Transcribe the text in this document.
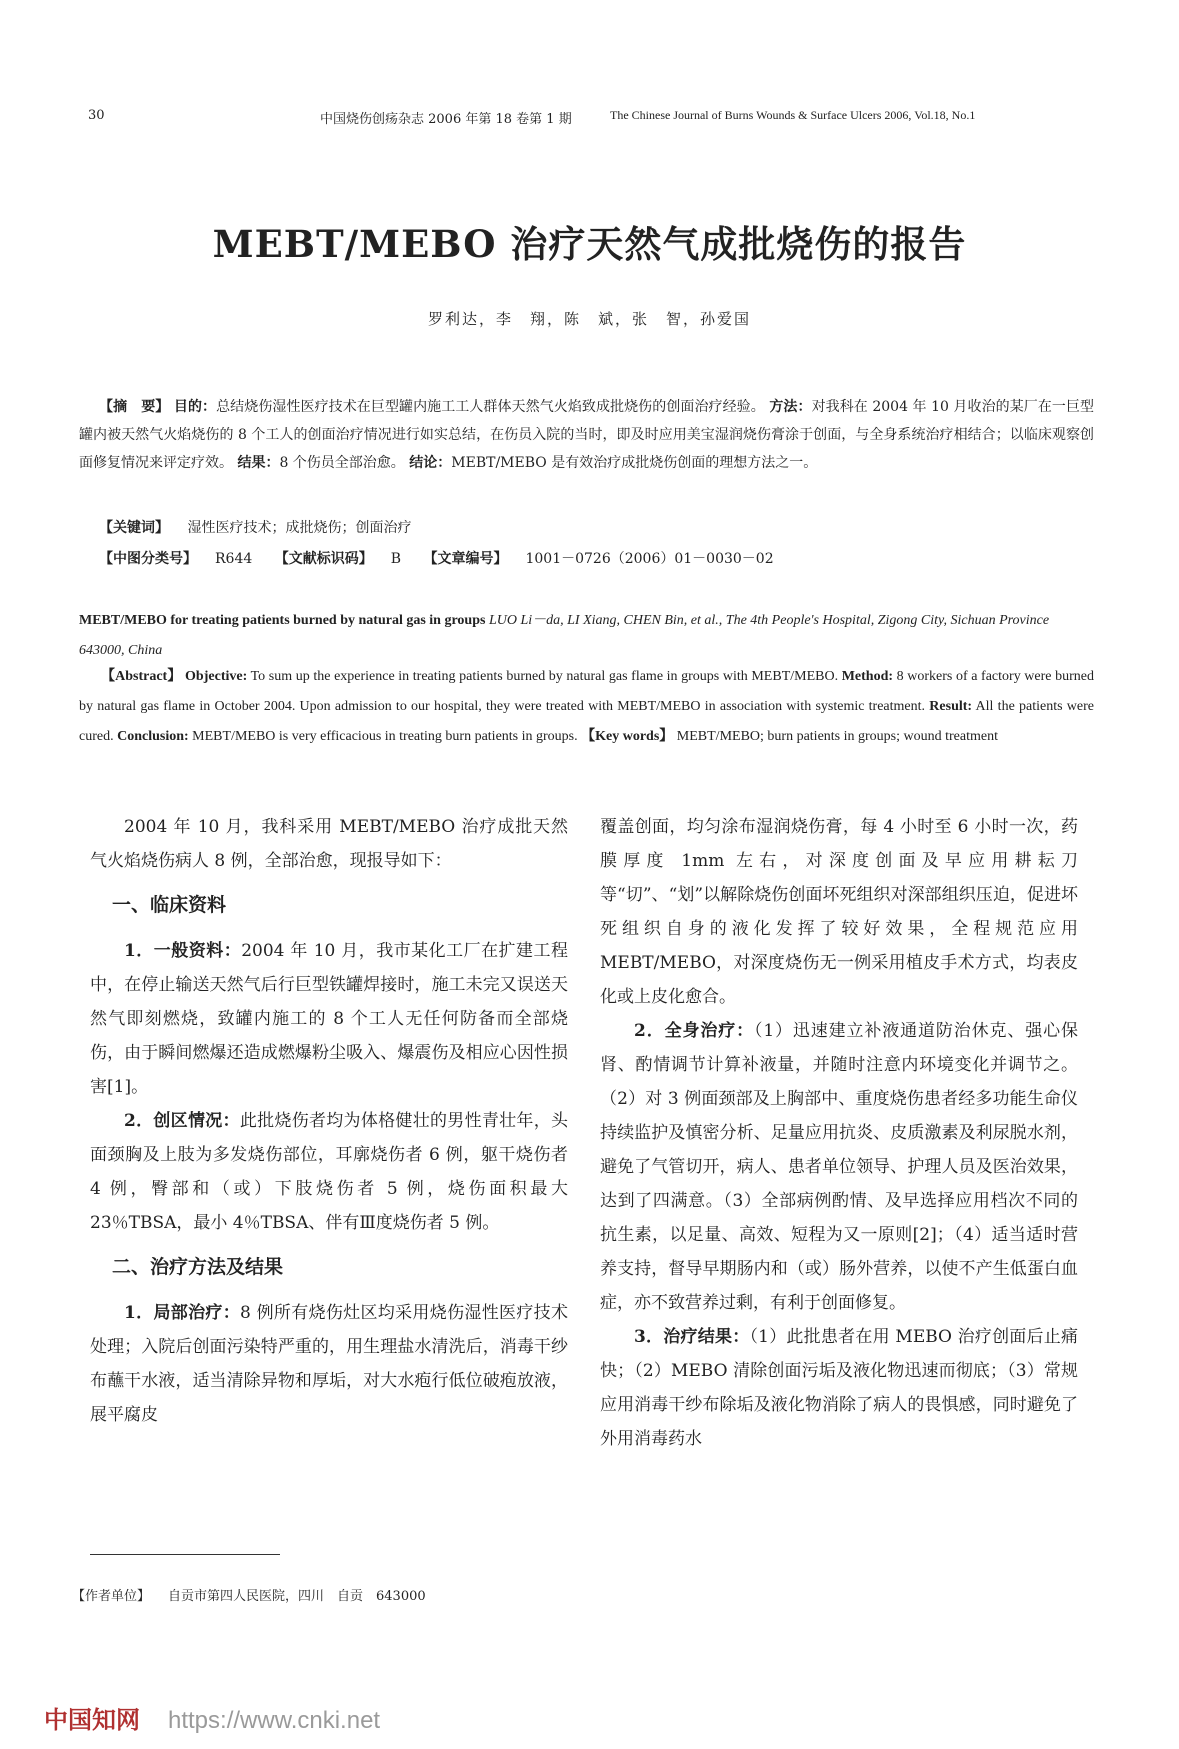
30	中国烧伤创疡杂志 2006 年第 18 卷第 1 期	The Chinese Journal of Burns Wounds & Surface Ulcers 2006, Vol.18, No.1
MEBT/MEBO 治疗天然气成批烧伤的报告
罗利达，李　翔，陈　斌，张　智，孙爱国

【摘　要】 目的：总结烧伤湿性医疗技术在巨型罐内施工工人群体天然气火焰致成批烧伤的创面治疗经验。 方法：对我科在 2004 年 10 月收治的某厂在一巨型罐内被天然气火焰烧伤的 8 个工人的创面治疗情况进行如实总结，在伤员入院的当时，即及时应用美宝湿润烧伤膏涂于创面，与全身系统治疗相结合；以临床观察创面修复情况来评定疗效。 结果：8 个伤员全部治愈。 结论：MEBT/MEBO 是有效治疗成批烧伤创面的理想方法之一。

【关键词】 湿性医疗技术；成批烧伤；创面治疗
【中图分类号】 R644 【文献标识码】 B 【文章编号】 1001－0726（2006）01－0030－02
MEBT/MEBO for treating patients burned by natural gas in groups LUO Li－da, LI Xiang, CHEN Bin, et al., The 4th People's Hospital, Zigong City, Sichuan Province 643000, China

【Abstract】 Objective: To sum up the experience in treating patients burned by natural gas flame in groups with MEBT/MEBO. Method: 8 workers of a factory were burned by natural gas flame in October 2004. Upon admission to our hospital, they were treated with MEBT/MEBO in association with systemic treatment. Result: All the patients were cured. Conclusion: MEBT/MEBO is very efficacious in treating burn patients in groups. 【Key words】 MEBT/MEBO; burn patients in groups; wound treatment

2004 年 10 月，我科采用 MEBT/MEBO 治疗成批天然气火焰烧伤病人 8 例，全部治愈，现报导如下：

一、临床资料

1．一般资料：2004 年 10 月，我市某化工厂在扩建工程中，在停止输送天然气后行巨型铁罐焊接时，施工未完又误送天然气即刻燃烧，致罐内施工的 8 个工人无任何防备而全部烧伤，由于瞬间燃爆还造成燃爆粉尘吸入、爆震伤及相应心因性损害[1]。

2．创区情况：此批烧伤者均为体格健壮的男性青壮年，头面颈胸及上肢为多发烧伤部位，耳廓烧伤者 6 例，躯干烧伤者 4 例，臀部和（或）下肢烧伤者 5 例，烧伤面积最大 23％TBSA，最小 4％TBSA、伴有Ⅲ度烧伤者 5 例。

二、治疗方法及结果

1．局部治疗：8 例所有烧伤灶区均采用烧伤湿性医疗技术处理；入院后创面污染特严重的，用生理盐水清洗后，消毒干纱布蘸干水液，适当清除异物和厚垢，对大水疱行低位破疱放液，展平腐皮

覆盖创面，均匀涂布湿润烧伤膏，每 4 小时至 6 小时一次，药膜厚度 1mm 左右，对深度创面及早应用耕耘刀等“切”、“划”以解除烧伤创面坏死组织对深部组织压迫，促进坏死组织自身的液化发挥了较好效果，全程规范应用 MEBT/MEBO，对深度烧伤无一例采用植皮手术方式，均表皮化或上皮化愈合。

2．全身治疗：（1）迅速建立补液通道防治休克、强心保肾、酌情调节计算补液量，并随时注意内环境变化并调节之。（2）对 3 例面颈部及上胸部中、重度烧伤患者经多功能生命仪持续监护及慎密分析、足量应用抗炎、皮质激素及利尿脱水剂，避免了气管切开，病人、患者单位领导、护理人员及医治效果，达到了四满意。（3）全部病例酌情、及早选择应用档次不同的抗生素，以足量、高效、短程为又一原则[2]；（4）适当适时营养支持，督导早期肠内和（或）肠外营养，以使不产生低蛋白血症，亦不致营养过剩，有利于创面修复。

3．治疗结果：（1）此批患者在用 MEBO 治疗创面后止痛快；（2）MEBO 清除创面污垢及液化物迅速而彻底；（3）常规应用消毒干纱布除垢及液化物消除了病人的畏惧感，同时避免了外用消毒药水

【作者单位】 自贡市第四人民医院，四川　自贡　643000
中国知网 https://www.cnki.net
